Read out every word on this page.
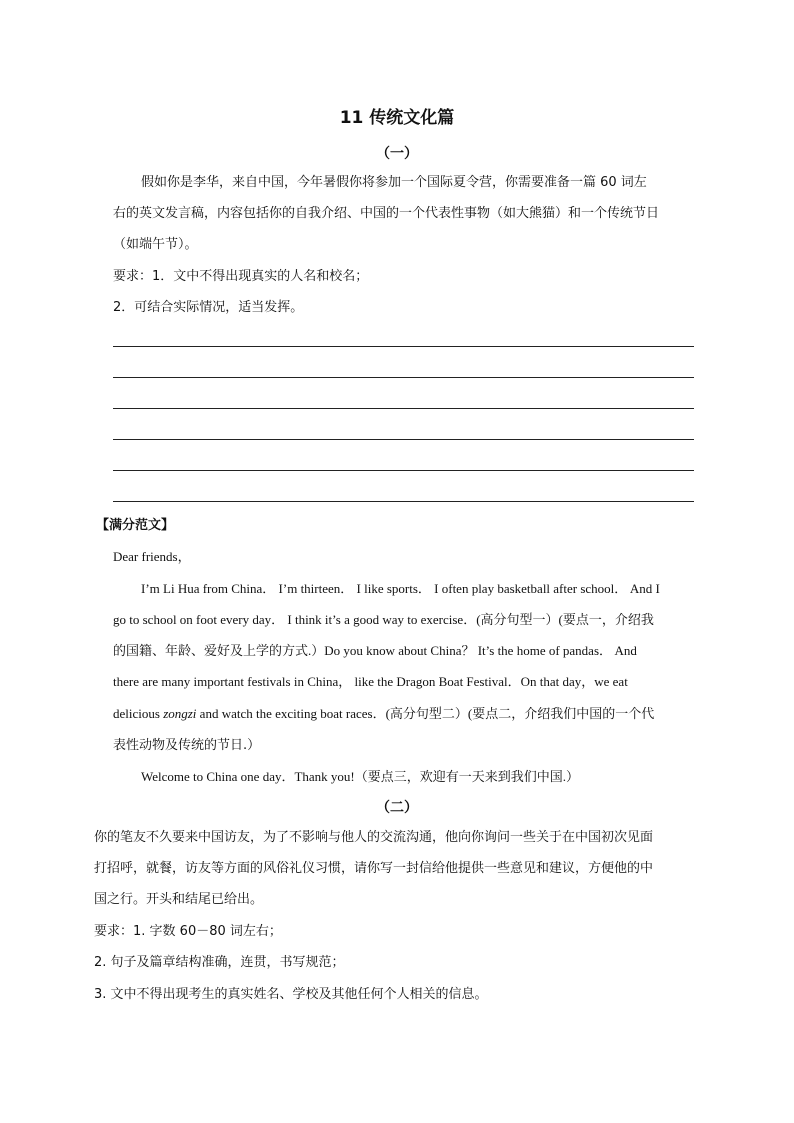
11 传统文化篇
（一）
假如你是李华，来自中国，今年暑假你将参加一个国际夏令营，你需要准备一篇 60 词左
右的英文发言稿，内容包括你的自我介绍、中国的一个代表性事物（如大熊猫）和一个传统节日
（如端午节）。
要求：1．文中不得出现真实的人名和校名；
2．可结合实际情况，适当发挥。
【满分范文】
Dear friends，
I’m Li Hua from China． I’m thirteen． I like sports． I often play basketball after school． And I
go to school on foot every day． I think it’s a good way to exercise．(高分句型一）(要点一，介绍我
的国籍、年龄、爱好及上学的方式.）Do you know about China？ It’s the home of pandas． And
there are many important festivals in China， like the Dragon Boat Festival．On that day，we eat
delicious zongzi and watch the exciting boat races．(高分句型二）(要点二，介绍我们中国的一个代
表性动物及传统的节日.）
Welcome to China one day．Thank you!（要点三，欢迎有一天来到我们中国.）
（二）
你的笔友不久要来中国访友，为了不影响与他人的交流沟通，他向你询问一些关于在中国初次见面
打招呼，就餐，访友等方面的风俗礼仪习惯，请你写一封信给他提供一些意见和建议，方便他的中
国之行。开头和结尾已给出。
要求：1. 字数 60－80 词左右；
2. 句子及篇章结构准确，连贯，书写规范；
3. 文中不得出现考生的真实姓名、学校及其他任何个人相关的信息。
